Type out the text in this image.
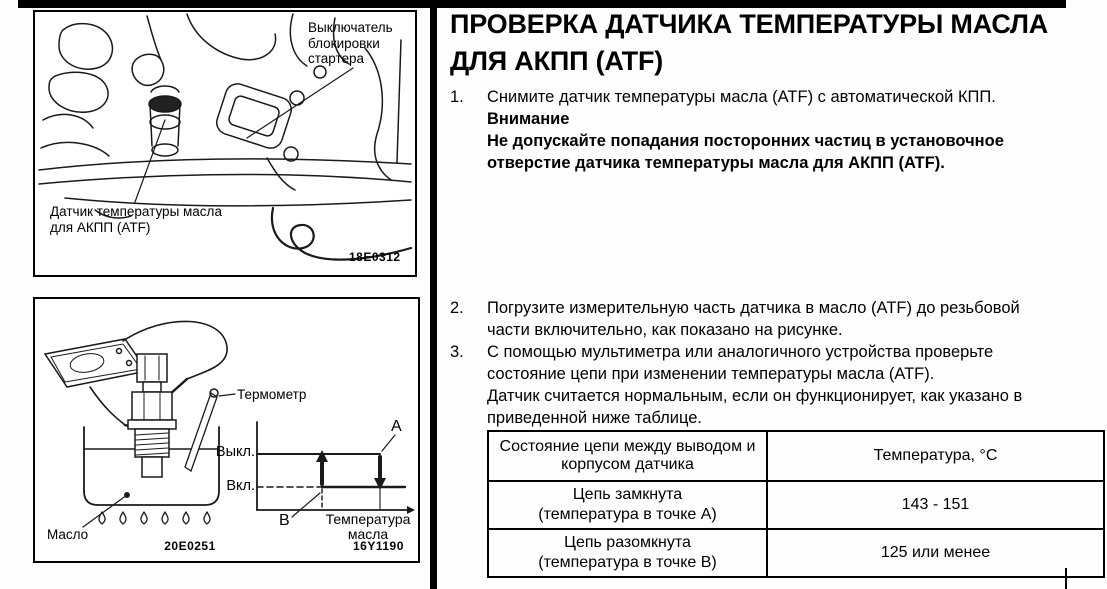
Выключатель блокировки стартера
Датчик температуры масла для АКПП (ATF)
18E0312
Термометр
Масло
Выкл.
Вкл.
A
B	Температура масла
20E0251	16Y1190
ПРОВЕРКА ДАТЧИКА ТЕМПЕРАТУРЫ МАСЛА ДЛЯ АКПП (ATF)
1.	Снимите датчик температуры масла (ATF) с автоматической КПП.
Внимание
Не допускайте попадания посторонних частиц в установочное отверстие датчика температуры масла для АКПП (ATF).
2.	Погрузите измерительную часть датчика в масло (ATF) до резьбовой части включительно, как показано на рисунке.
3.	С помощью мультиметра или аналогичного устройства проверьте состояние цепи при изменении температуры масла (ATF).
Датчик считается нормальным, если он функционирует, как указано в приведенной ниже таблице.
Состояние цепи между выводом и корпусом датчика	Температура, °C

Цепь замкнута
(температура в точке A)	143 - 151

Цепь разомкнута
(температура в точке B)	125 или менее
